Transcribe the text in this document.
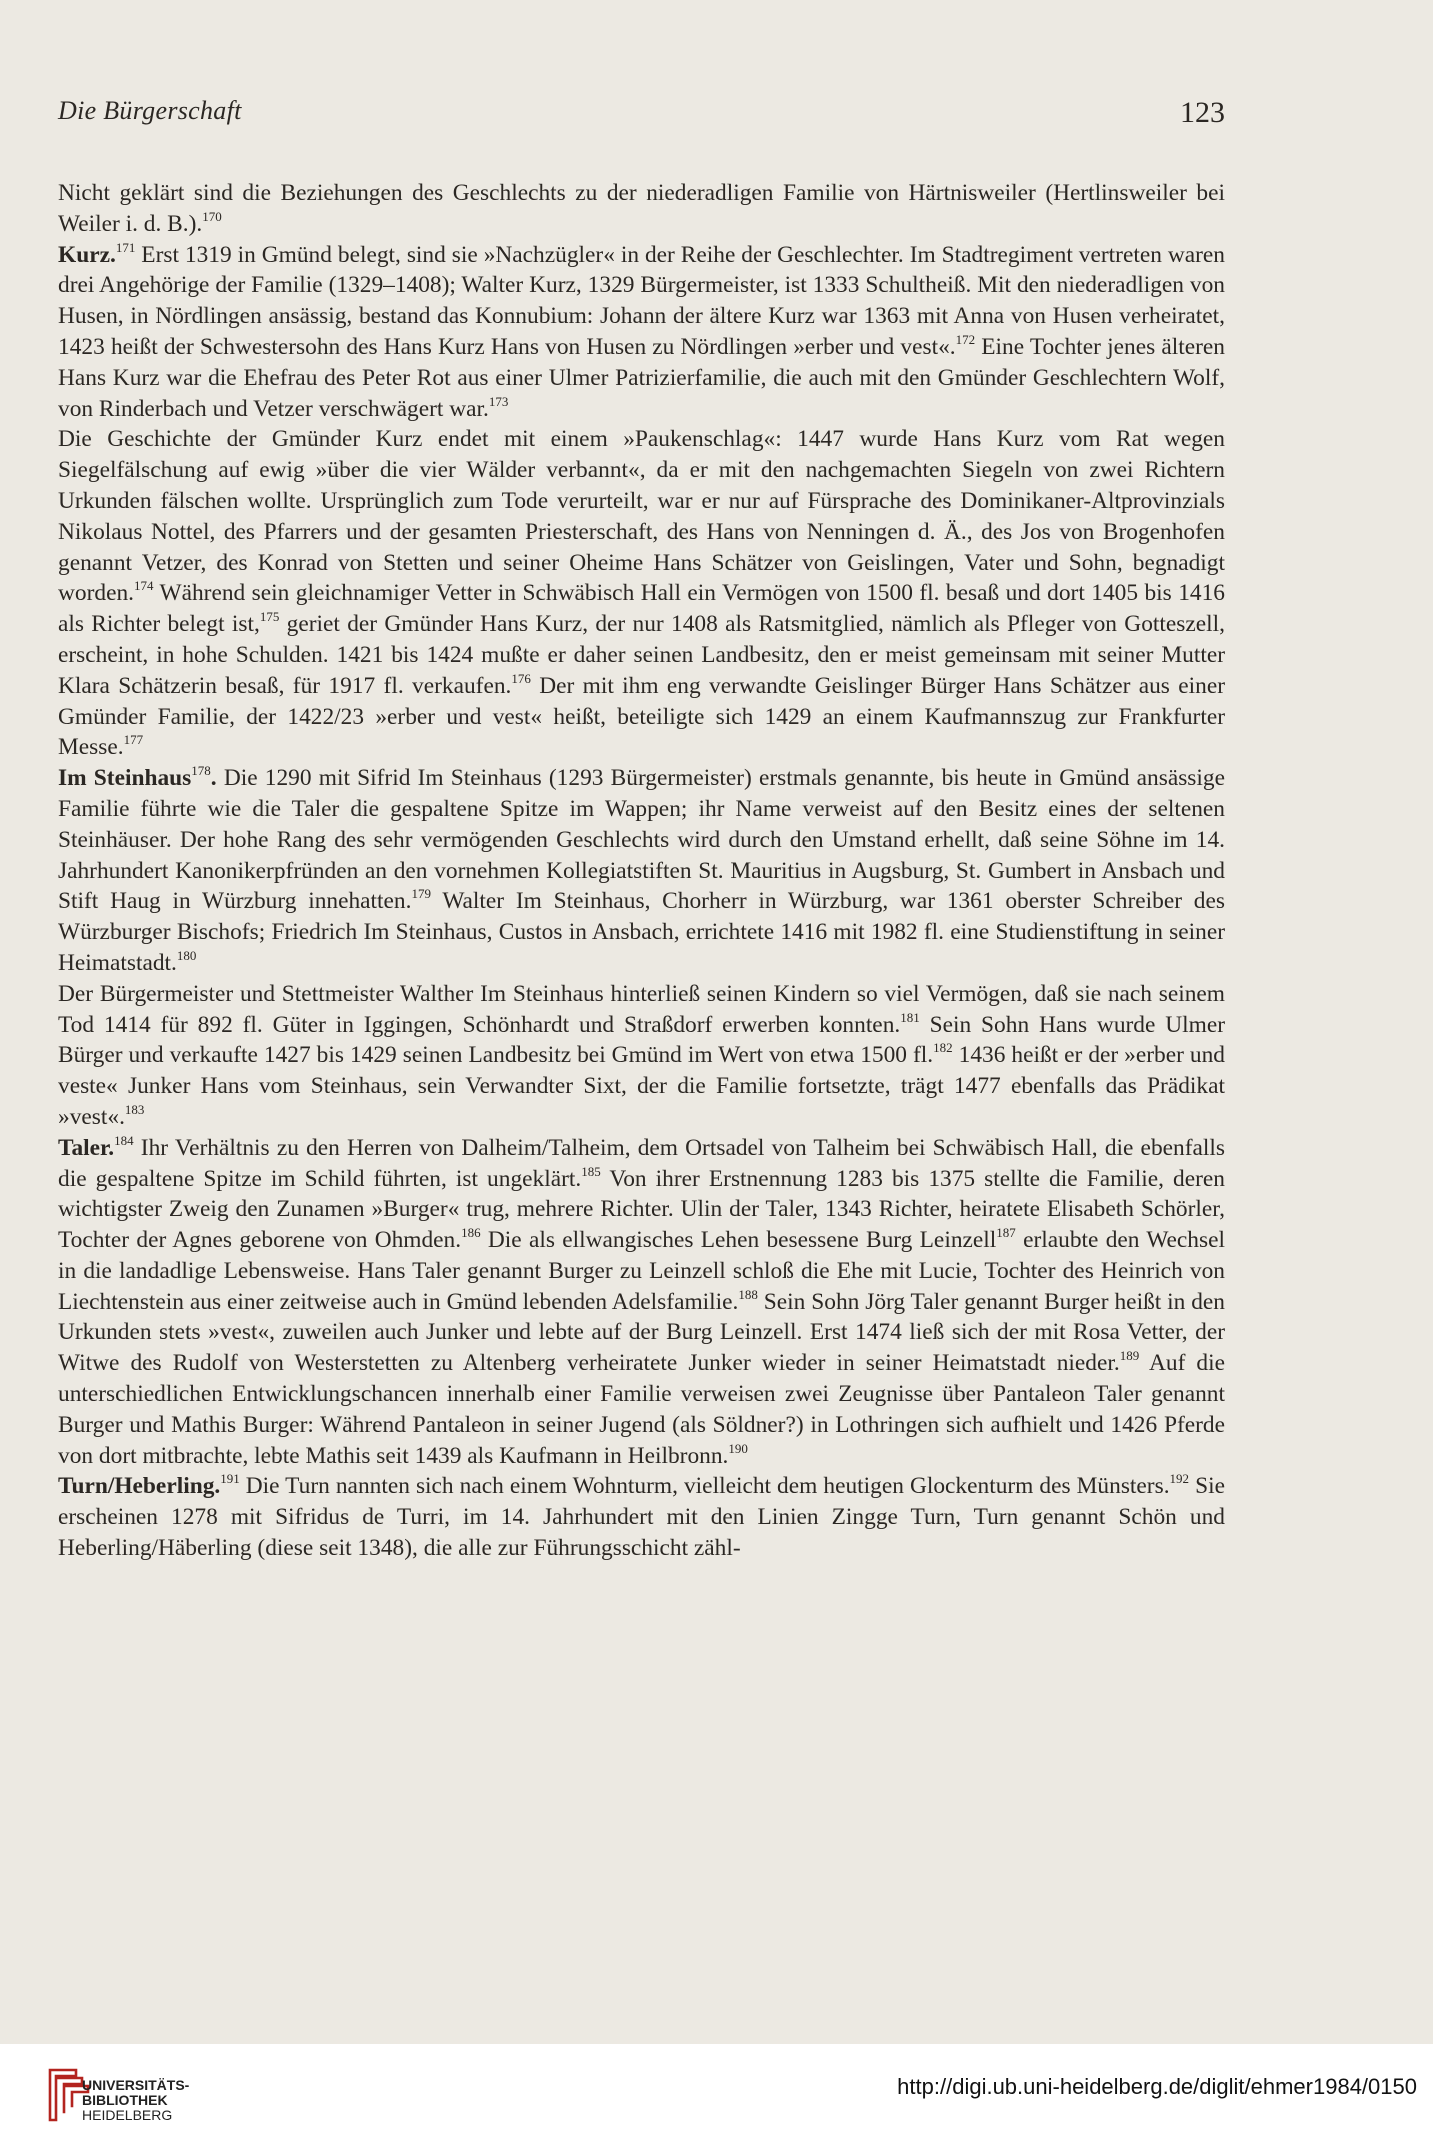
Die Bürgerschaft	123

Nicht geklärt sind die Beziehungen des Geschlechts zu der niederadligen Familie von Härtnisweiler (Hertlinsweiler bei Weiler i. d. B.).$^{170}$

Kurz.$^{171}$ Erst 1319 in Gmünd belegt, sind sie »Nachzügler« in der Reihe der Geschlechter. Im Stadtregiment vertreten waren drei Angehörige der Familie (1329–1408); Walter Kurz, 1329 Bürgermeister, ist 1333 Schultheiß. Mit den niederadligen von Husen, in Nördlingen ansässig, bestand das Konnubium: Johann der ältere Kurz war 1363 mit Anna von Husen verheiratet, 1423 heißt der Schwestersohn des Hans Kurz Hans von Husen zu Nördlingen »erber und vest«.$^{172}$ Eine Tochter jenes älteren Hans Kurz war die Ehefrau des Peter Rot aus einer Ulmer Patrizierfamilie, die auch mit den Gmünder Geschlechtern Wolf, von Rinderbach und Vetzer verschwägert war.$^{173}$

Die Geschichte der Gmünder Kurz endet mit einem »Paukenschlag«: 1447 wurde Hans Kurz vom Rat wegen Siegelfälschung auf ewig »über die vier Wälder verbannt«, da er mit den nachgemachten Siegeln von zwei Richtern Urkunden fälschen wollte. Ursprünglich zum Tode verurteilt, war er nur auf Fürsprache des Dominikaner-Altprovinzials Nikolaus Nottel, des Pfarrers und der gesamten Priesterschaft, des Hans von Nenningen d. Ä., des Jos von Brogenhofen genannt Vetzer, des Konrad von Stetten und seiner Oheime Hans Schätzer von Geislingen, Vater und Sohn, begnadigt worden.$^{174}$ Während sein gleichnamiger Vetter in Schwäbisch Hall ein Vermögen von 1500 fl. besaß und dort 1405 bis 1416 als Richter belegt ist,$^{175}$ geriet der Gmünder Hans Kurz, der nur 1408 als Ratsmitglied, nämlich als Pfleger von Gotteszell, erscheint, in hohe Schulden. 1421 bis 1424 mußte er daher seinen Landbesitz, den er meist gemeinsam mit seiner Mutter Klara Schätzerin besaß, für 1917 fl. verkaufen.$^{176}$ Der mit ihm eng verwandte Geislinger Bürger Hans Schätzer aus einer Gmünder Familie, der 1422/23 »erber und vest« heißt, beteiligte sich 1429 an einem Kaufmannszug zur Frankfurter Messe.$^{177}$

Im Steinhaus$^{178}$. Die 1290 mit Sifrid Im Steinhaus (1293 Bürgermeister) erstmals genannte, bis heute in Gmünd ansässige Familie führte wie die Taler die gespaltene Spitze im Wappen; ihr Name verweist auf den Besitz eines der seltenen Steinhäuser. Der hohe Rang des sehr vermögenden Geschlechts wird durch den Umstand erhellt, daß seine Söhne im 14. Jahrhundert Kanonikerpfründen an den vornehmen Kollegiatstiften St. Mauritius in Augsburg, St. Gumbert in Ansbach und Stift Haug in Würzburg innehatten.$^{179}$ Walter Im Steinhaus, Chorherr in Würzburg, war 1361 oberster Schreiber des Würzburger Bischofs; Friedrich Im Steinhaus, Custos in Ansbach, errichtete 1416 mit 1982 fl. eine Studienstiftung in seiner Heimatstadt.$^{180}$

Der Bürgermeister und Stettmeister Walther Im Steinhaus hinterließ seinen Kindern so viel Vermögen, daß sie nach seinem Tod 1414 für 892 fl. Güter in Iggingen, Schönhardt und Straßdorf erwerben konnten.$^{181}$ Sein Sohn Hans wurde Ulmer Bürger und verkaufte 1427 bis 1429 seinen Landbesitz bei Gmünd im Wert von etwa 1500 fl.$^{182}$ 1436 heißt er der »erber und veste« Junker Hans vom Steinhaus, sein Verwandter Sixt, der die Familie fortsetzte, trägt 1477 ebenfalls das Prädikat »vest«.$^{183}$

Taler.$^{184}$ Ihr Verhältnis zu den Herren von Dalheim/Talheim, dem Ortsadel von Talheim bei Schwäbisch Hall, die ebenfalls die gespaltene Spitze im Schild führten, ist ungeklärt.$^{185}$ Von ihrer Erstnennung 1283 bis 1375 stellte die Familie, deren wichtigster Zweig den Zunamen »Burger« trug, mehrere Richter. Ulin der Taler, 1343 Richter, heiratete Elisabeth Schörler, Tochter der Agnes geborene von Ohmden.$^{186}$ Die als ellwangisches Lehen besessene Burg Leinzell$^{187}$ erlaubte den Wechsel in die landadlige Lebensweise. Hans Taler genannt Burger zu Leinzell schloß die Ehe mit Lucie, Tochter des Heinrich von Liechtenstein aus einer zeitweise auch in Gmünd lebenden Adelsfamilie.$^{188}$ Sein Sohn Jörg Taler genannt Burger heißt in den Urkunden stets »vest«, zuweilen auch Junker und lebte auf der Burg Leinzell. Erst 1474 ließ sich der mit Rosa Vetter, der Witwe des Rudolf von Westerstetten zu Altenberg verheiratete Junker wieder in seiner Heimatstadt nieder.$^{189}$ Auf die unterschiedlichen Entwicklungschancen innerhalb einer Familie verweisen zwei Zeugnisse über Pantaleon Taler genannt Burger und Mathis Burger: Während Pantaleon in seiner Jugend (als Söldner?) in Lothringen sich aufhielt und 1426 Pferde von dort mitbrachte, lebte Mathis seit 1439 als Kaufmann in Heilbronn.$^{190}$

Turn/Heberling.$^{191}$ Die Turn nannten sich nach einem Wohnturm, vielleicht dem heutigen Glockenturm des Münsters.$^{192}$ Sie erscheinen 1278 mit Sifridus de Turri, im 14. Jahrhundert mit den Linien Zingge Turn, Turn genannt Schön und Heberling/Häberling (diese seit 1348), die alle zur Führungsschicht zähl-

UNIVERSITÄTS-
BIBLIOTHEK
HEIDELBERG
http://digi.ub.uni-heidelberg.de/diglit/ehmer1984/0150
